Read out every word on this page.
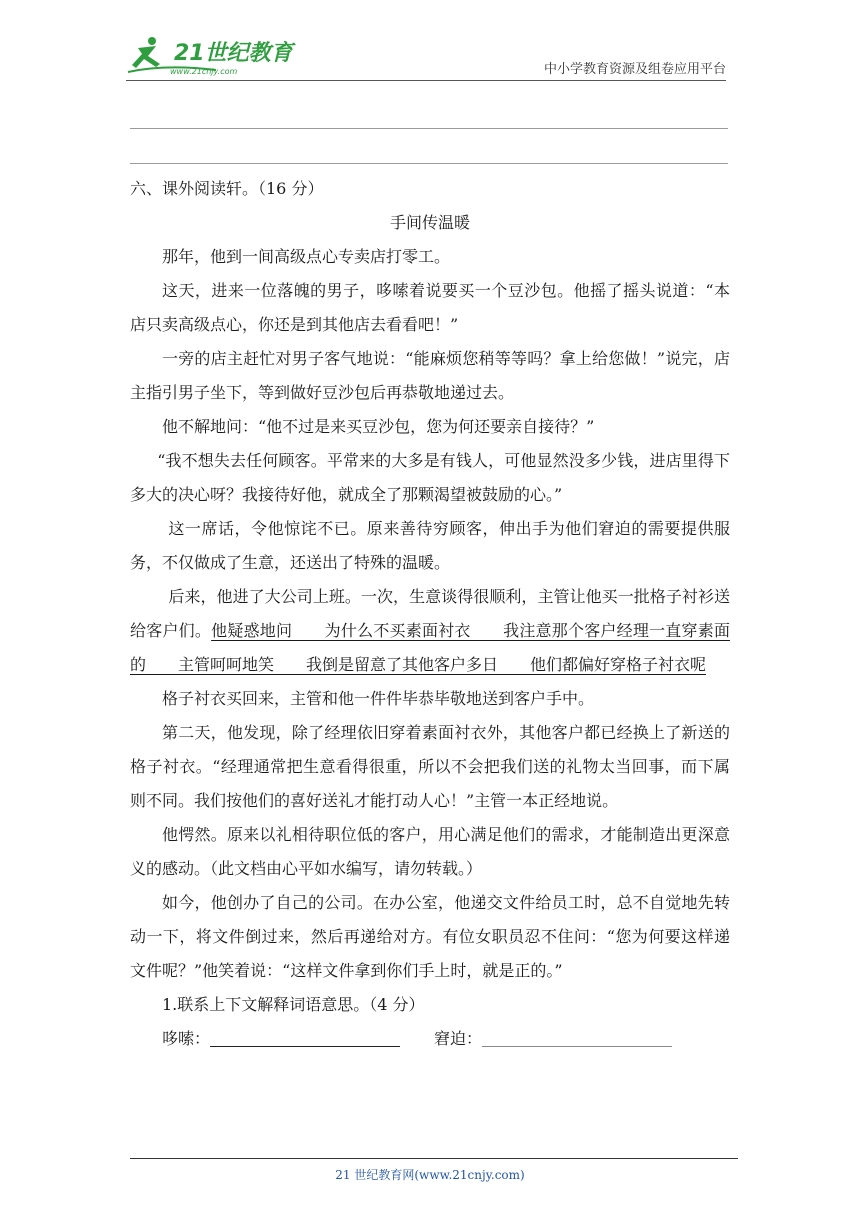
21世纪教育
www.21cnjy.com	中小学教育资源及组卷应用平台

六、课外阅读轩。（16 分）

手间传温暖

那年，他到一间高级点心专卖店打零工。

这天，进来一位落魄的男子，哆嗦着说要买一个豆沙包。他摇了摇头说道：“本店只卖高级点心，你还是到其他店去看看吧！”

一旁的店主赶忙对男子客气地说：“能麻烦您稍等等吗？拿上给您做！”说完，店主指引男子坐下，等到做好豆沙包后再恭敬地递过去。

他不解地问：“他不过是来买豆沙包，您为何还要亲自接待？”

“我不想失去任何顾客。平常来的大多是有钱人，可他显然没多少钱，进店里得下多大的决心呀？我接待好他，就成全了那颗渴望被鼓励的心。”

这一席话，令他惊诧不已。原来善待穷顾客，伸出手为他们窘迫的需要提供服务，不仅做成了生意，还送出了特殊的温暖。

后来，他进了大公司上班。一次，生意谈得很顺利，主管让他买一批格子衬衫送给客户们。他疑惑地问　　为什么不买素面衬衣　　我注意那个客户经理一直穿素面的　　主管呵呵地笑　　我倒是留意了其他客户多日　　他们都偏好穿格子衬衣呢

格子衬衣买回来，主管和他一件件毕恭毕敬地送到客户手中。

第二天，他发现，除了经理依旧穿着素面衬衣外，其他客户都已经换上了新送的格子衬衣。“经理通常把生意看得很重，所以不会把我们送的礼物太当回事，而下属则不同。我们按他们的喜好送礼才能打动人心！”主管一本正经地说。

他愕然。原来以礼相待职位低的客户，用心满足他们的需求，才能制造出更深意义的感动。（此文档由心平如水编写，请勿转载。）

如今，他创办了自己的公司。在办公室，他递交文件给员工时，总不自觉地先转动一下，将文件倒过来，然后再递给对方。有位女职员忍不住问：“您为何要这样递文件呢？”他笑着说：“这样文件拿到你们手上时，就是正的。”

1.联系上下文解释词语意思。（4 分）

哆嗦：	窘迫：
21 世纪教育网(www.21cnjy.com)
